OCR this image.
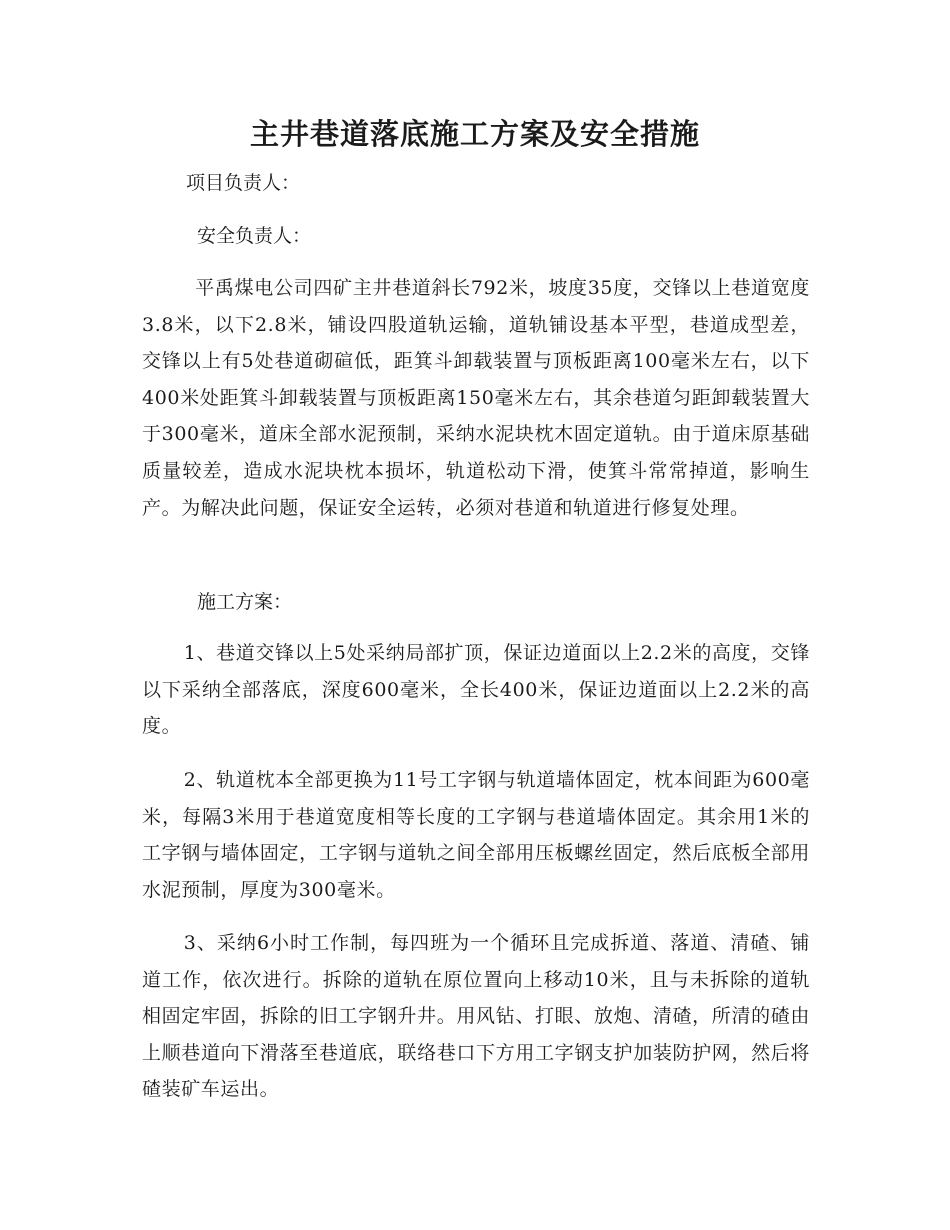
主井巷道落底施工方案及安全措施

项目负责人：

安全负责人：

平禹煤电公司四矿主井巷道斜长792米，坡度35度，交锋以上巷道宽度3.8米，以下2.8米，铺设四股道轨运输，道轨铺设基本平型，巷道成型差，交锋以上有5处巷道砌碹低，距箕斗卸载装置与顶板距离100毫米左右，以下400米处距箕斗卸载装置与顶板距离150毫米左右，其余巷道匀距卸载装置大于300毫米，道床全部水泥预制，采纳水泥块枕木固定道轨。由于道床原基础质量较差，造成水泥块枕本损坏，轨道松动下滑，使箕斗常常掉道，影响生产。为解决此问题，保证安全运转，必须对巷道和轨道进行修复处理。

施工方案：

1、巷道交锋以上5处采纳局部扩顶，保证边道面以上2.2米的高度，交锋以下采纳全部落底，深度600毫米，全长400米，保证边道面以上2.2米的高度。

2、轨道枕本全部更换为11号工字钢与轨道墙体固定，枕本间距为600毫米，每隔3米用于巷道宽度相等长度的工字钢与巷道墙体固定。其余用1米的工字钢与墙体固定，工字钢与道轨之间全部用压板螺丝固定，然后底板全部用水泥预制，厚度为300毫米。

3、采纳6小时工作制，每四班为一个循环且完成拆道、落道、清碴、铺道工作，依次进行。拆除的道轨在原位置向上移动10米，且与未拆除的道轨相固定牢固，拆除的旧工字钢升井。用风钻、打眼、放炮、清碴，所清的碴由上顺巷道向下滑落至巷道底，联络巷口下方用工字钢支护加装防护网，然后将碴装矿车运出。
